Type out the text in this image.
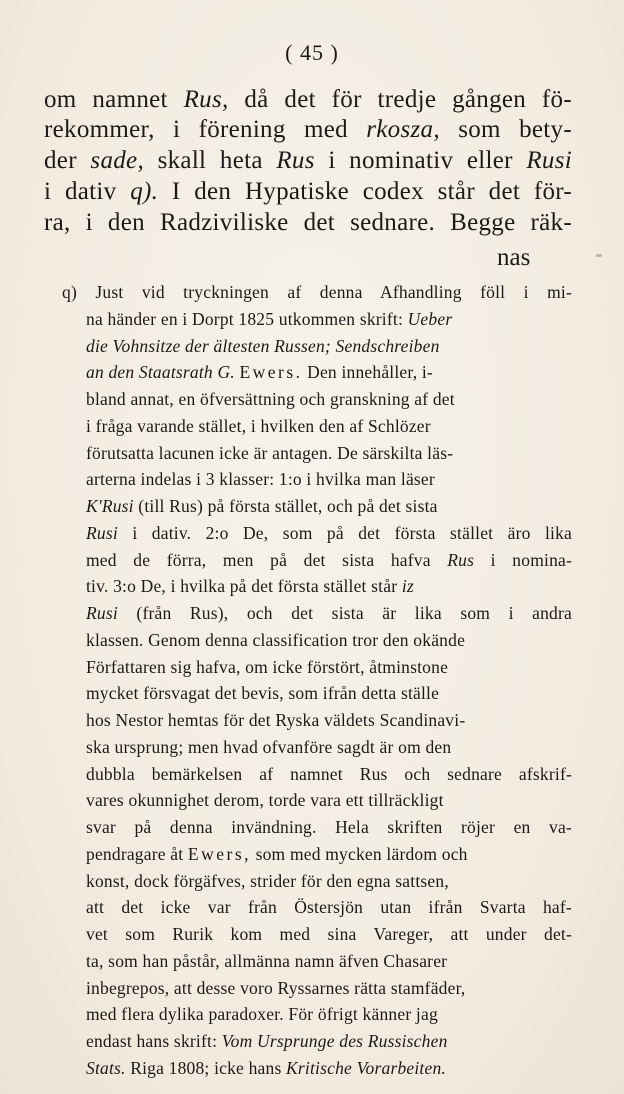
( 45 )
om namnet Rus, då det för tredje gången fö-
rekommer, i förening med rkosza, som bety-
der sade, skall heta Rus i nominativ eller Rusi
i dativ q). I den Hypatiske codex står det för-
ra, i den Radziviliske det sednare. Begge räk-
nas
q) Just vid tryckningen af denna Afhandling föll i mi-
na händer en i Dorpt 1825 utkommen skrift: Ueber
die Vohnsitze der ältesten Russen; Sendschreiben
an den Staatsrath G. Ewers. Den innehåller, i-
bland annat, en öfversättning och granskning af det
i fråga varande stället, i hvilken den af Schlözer
förutsatta lacunen icke är antagen. De särskilta läs-
arterna indelas i 3 klasser: 1:o i hvilka man läser
K'Rusi (till Rus) på första stället, och på det sista
Rusi i dativ. 2:o De, som på det första stället äro lika
med de förra, men på det sista hafva Rus i nomina-
tiv. 3:o De, i hvilka på det första stället står iz
Rusi (från Rus), och det sista är lika som i andra
klassen. Genom denna classification tror den okände
Författaren sig hafva, om icke förstört, åtminstone
mycket försvagat det bevis, som ifrån detta ställe
hos Nestor hemtas för det Ryska väldets Scandinavi-
ska ursprung; men hvad ofvanföre sagdt är om den
dubbla bemärkelsen af namnet Rus och sednare afskrif-
vares okunnighet derom, torde vara ett tillräckligt
svar på denna invändning. Hela skriften röjer en va-
pendragare åt Ewers, som med mycken lärdom och
konst, dock förgäfves, strider för den egna sattsen,
att det icke var från Östersjön utan ifrån Svarta haf-
vet som Rurik kom med sina Vareger, att under det-
ta, som han påstår, allmänna namn äfven Chasarer
inbegrepos, att desse voro Ryssarnes rätta stamfäder,
med flera dylika paradoxer. För öfrigt känner jag
endast hans skrift: Vom Ursprunge des Russischen
Stats. Riga 1808; icke hans Kritische Vorarbeiten.
